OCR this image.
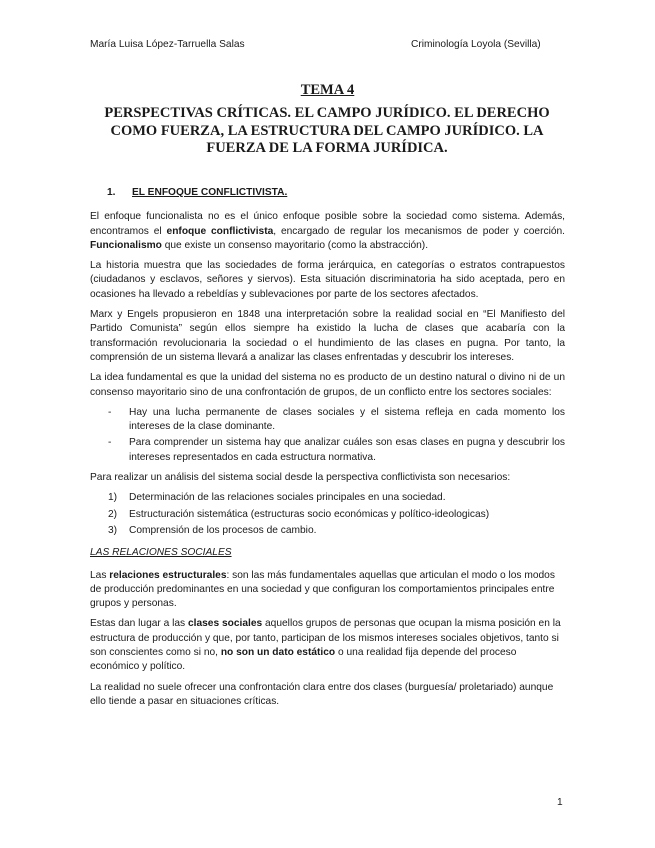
María Luisa López-Tarruella Salas	Criminología Loyola (Sevilla)
TEMA 4
PERSPECTIVAS CRÍTICAS. EL CAMPO JURÍDICO. EL DERECHO COMO FUERZA, LA ESTRUCTURA DEL CAMPO JURÍDICO. LA FUERZA DE LA FORMA JURÍDICA.
1. EL ENFOQUE CONFLICTIVISTA.

El enfoque funcionalista no es el único enfoque posible sobre la sociedad como sistema. Además, encontramos el enfoque conflictivista, encargado de regular los mecanismos de poder y coerción. Funcionalismo que existe un consenso mayoritario (como la abstracción).

La historia muestra que las sociedades de forma jerárquica, en categorías o estratos contrapuestos (ciudadanos y esclavos, señores y siervos). Esta situación discriminatoria ha sido aceptada, pero en ocasiones ha llevado a rebeldías y sublevaciones por parte de los sectores afectados.

Marx y Engels propusieron en 1848 una interpretación sobre la realidad social en “El Manifiesto del Partido Comunista” según ellos siempre ha existido la lucha de clases que acabaría con la transformación revolucionaria la sociedad o el hundimiento de las clases en pugna. Por tanto, la comprensión de un sistema llevará a analizar las clases enfrentadas y descubrir los intereses.

La idea fundamental es que la unidad del sistema no es producto de un destino natural o divino ni de un consenso mayoritario sino de una confrontación de grupos, de un conflicto entre los sectores sociales:

- Hay una lucha permanente de clases sociales y el sistema refleja en cada momento los intereses de la clase dominante.
- Para comprender un sistema hay que analizar cuáles son esas clases en pugna y descubrir los intereses representados en cada estructura normativa.

Para realizar un análisis del sistema social desde la perspectiva conflictivista son necesarios:

1) Determinación de las relaciones sociales principales en una sociedad.
2) Estructuración sistemática (estructuras socio económicas y político-ideologicas)
3) Comprensión de los procesos de cambio.
LAS RELACIONES SOCIALES

Las relaciones estructurales: son las más fundamentales aquellas que articulan el modo o los modos de producción predominantes en una sociedad y que configuran los comportamientos principales entre grupos y personas.

Estas dan lugar a las clases sociales aquellos grupos de personas que ocupan la misma posición en la estructura de producción y que, por tanto, participan de los mismos intereses sociales objetivos, tanto si son conscientes como si no, no son un dato estático o una realidad fija depende del proceso económico y político.

La realidad no suele ofrecer una confrontación clara entre dos clases (burguesía/ proletariado) aunque ello tiende a pasar en situaciones críticas.

1
